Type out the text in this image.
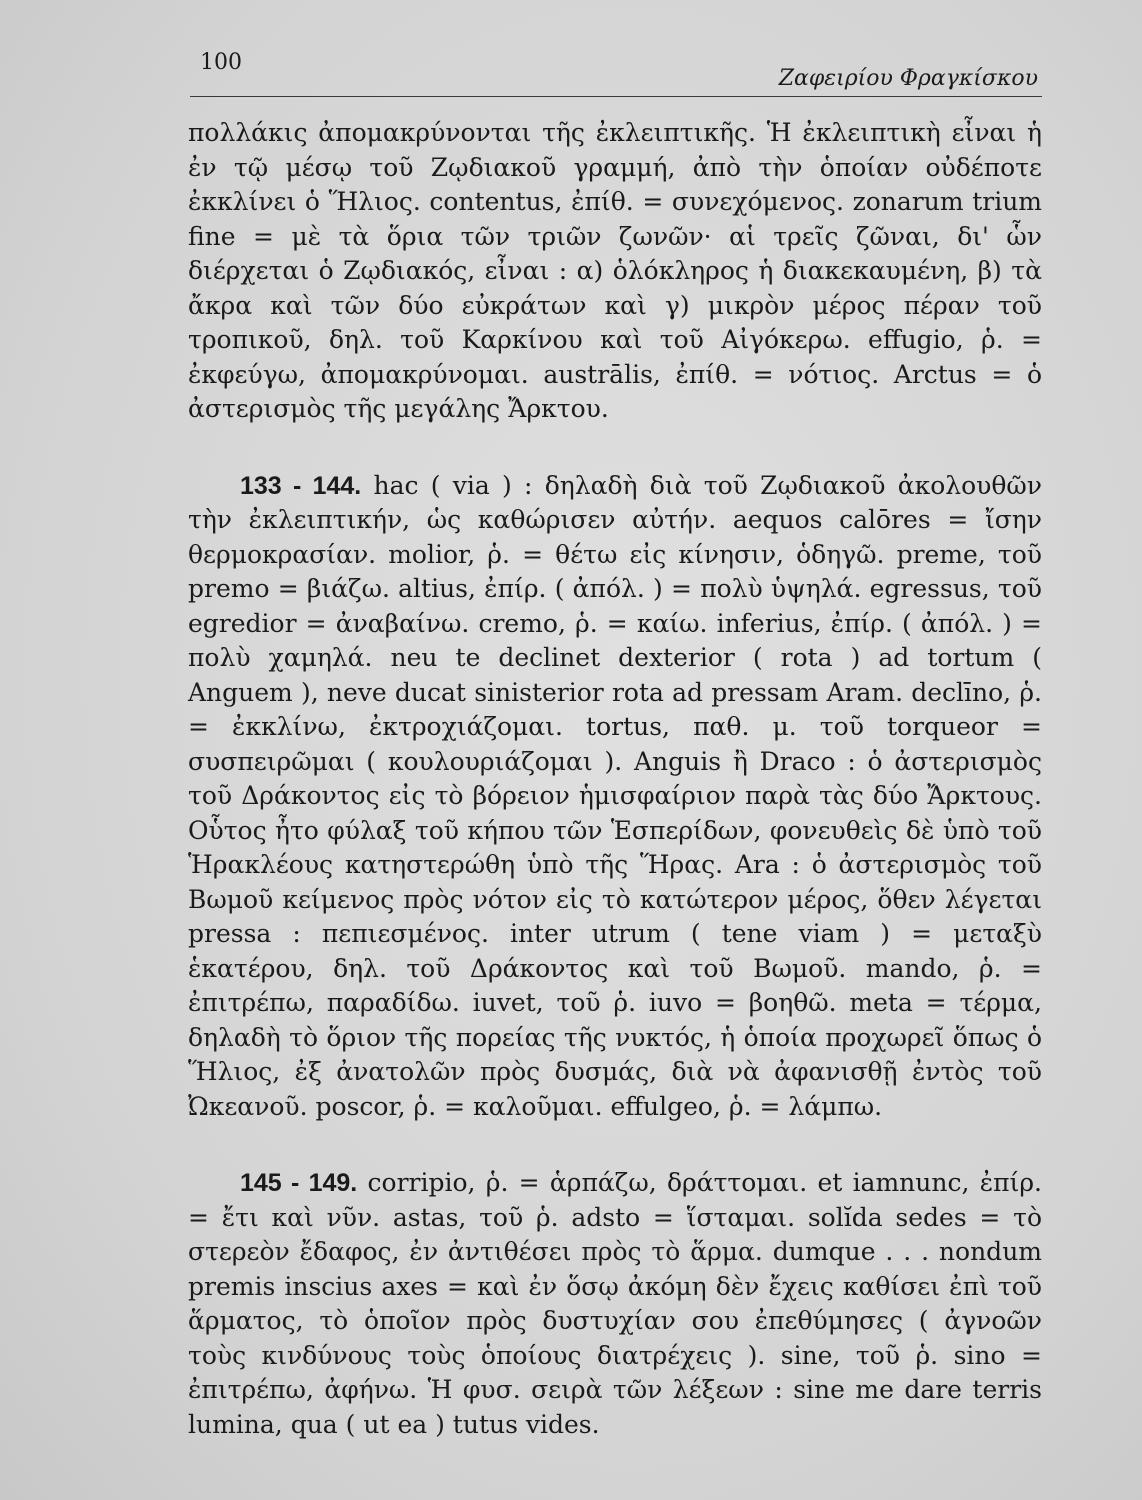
100
Ζαφειρίου Φραγκίσκου

πολλάκις ἀπομακρύνονται τῆς ἐκλειπτικῆς. Ἡ ἐκλειπτικὴ εἶναι ἡ ἐν τῷ μέσῳ τοῦ Ζῳδιακοῦ γραμμή, ἀπὸ τὴν ὁποίαν οὐδέποτε ἐκκλίνει ὁ Ἥλιος. contentus, ἐπίθ. = συνεχόμενος. zonarum trium fine = μὲ τὰ ὅρια τῶν τριῶν ζωνῶν· αἱ τρεῖς ζῶναι, δι' ὧν διέρχεται ὁ Ζῳδιακός, εἶναι : α) ὁλόκληρος ἡ διακεκαυμένη, β) τὰ ἄκρα καὶ τῶν δύο εὐκράτων καὶ γ) μικρὸν μέρος πέραν τοῦ τροπικοῦ, δηλ. τοῦ Καρκίνου καὶ τοῦ Αἰγόκερω. effugio, ῥ. = ἐκφεύγω, ἀπομακρύνομαι. austrālis, ἐπίθ. = νότιος. Arctus = ὁ ἀστερισμὸς τῆς μεγάλης Ἄρκτου.

133 - 144. hac ( via ) : δηλαδὴ διὰ τοῦ Ζῳδιακοῦ ἀκολουθῶν τὴν ἐκλειπτικήν, ὡς καθώρισεν αὐτήν. aequos calōres = ἴσην θερμοκρασίαν. molior, ῥ. = θέτω εἰς κίνησιν, ὁδηγῶ. preme, τοῦ premo = βιάζω. altius, ἐπίρ. ( ἀπόλ. ) = πολὺ ὑψηλά. egressus, τοῦ egredior = ἀναβαίνω. cremo, ῥ. = καίω. inferius, ἐπίρ. ( ἀπόλ. ) = πολὺ χαμηλά. neu te declinet dexterior ( rota ) ad tortum ( Anguem ), neve ducat sinisterior rota ad pressam Aram. declīno, ῥ. = ἐκκλίνω, ἐκτροχιάζομαι. tortus, παθ. μ. τοῦ torqueor = συσπειρῶμαι ( κουλουριάζομαι ). Anguis ἢ Draco : ὁ ἀστερισμὸς τοῦ Δράκοντος εἰς τὸ βόρειον ἡμισφαίριον παρὰ τὰς δύο Ἄρκτους. Οὗτος ἦτο φύλαξ τοῦ κήπου τῶν Ἑσπερίδων, φονευθεὶς δὲ ὑπὸ τοῦ Ἡρακλέους κατηστερώθη ὑπὸ τῆς Ἥρας. Ara : ὁ ἀστερισμὸς τοῦ Βωμοῦ κείμενος πρὸς νότον εἰς τὸ κατώτερον μέρος, ὅθεν λέγεται pressa : πεπιεσμένος. inter utrum ( tene viam ) = μεταξὺ ἑκατέρου, δηλ. τοῦ Δράκοντος καὶ τοῦ Βωμοῦ. mando, ῥ. = ἐπιτρέπω, παραδίδω. iuvet, τοῦ ῥ. iuvo = βοηθῶ. meta = τέρμα, δηλαδὴ τὸ ὅριον τῆς πορείας τῆς νυκτός, ἡ ὁποία προχωρεῖ ὅπως ὁ Ἥλιος, ἐξ ἀνατολῶν πρὸς δυσμάς, διὰ νὰ ἀφανισθῇ ἐντὸς τοῦ Ὠκεανοῦ. poscor, ῥ. = καλοῦμαι. effulgeo, ῥ. = λάμπω.

145 - 149. corripio, ῥ. = ἁρπάζω, δράττομαι. et iamnunc, ἐπίρ. = ἔτι καὶ νῦν. astas, τοῦ ῥ. adsto = ἵσταμαι. solĭda sedes = τὸ στερεὸν ἔδαφος, ἐν ἀντιθέσει πρὸς τὸ ἅρμα. dumque . . . nondum premis inscius axes = καὶ ἐν ὅσῳ ἀκόμη δὲν ἔχεις καθίσει ἐπὶ τοῦ ἅρματος, τὸ ὁποῖον πρὸς δυστυχίαν σου ἐπεθύμησες ( ἀγνοῶν τοὺς κινδύνους τοὺς ὁποίους διατρέχεις ). sine, τοῦ ῥ. sino = ἐπιτρέπω, ἀφήνω. Ἡ φυσ. σειρὰ τῶν λέξεων : sine me dare terris lumina, qua ( ut ea ) tutus vides.
